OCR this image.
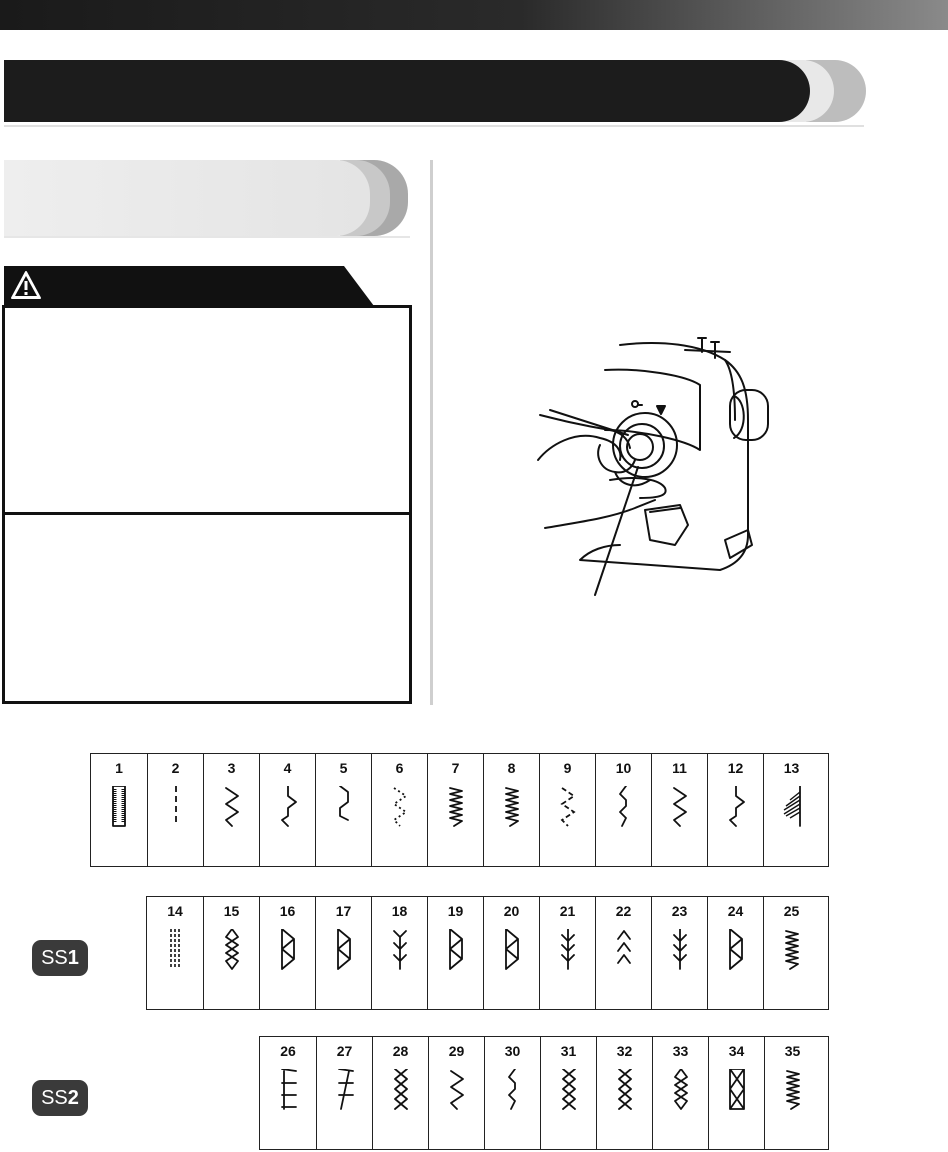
1	2	3	4	5	6	7	8	9	10	11	12	13
SS1
14	15	16	17	18	19	20	21	22	23	24	25
SS2
26	27	28	29	30	31	32	33	34	35
